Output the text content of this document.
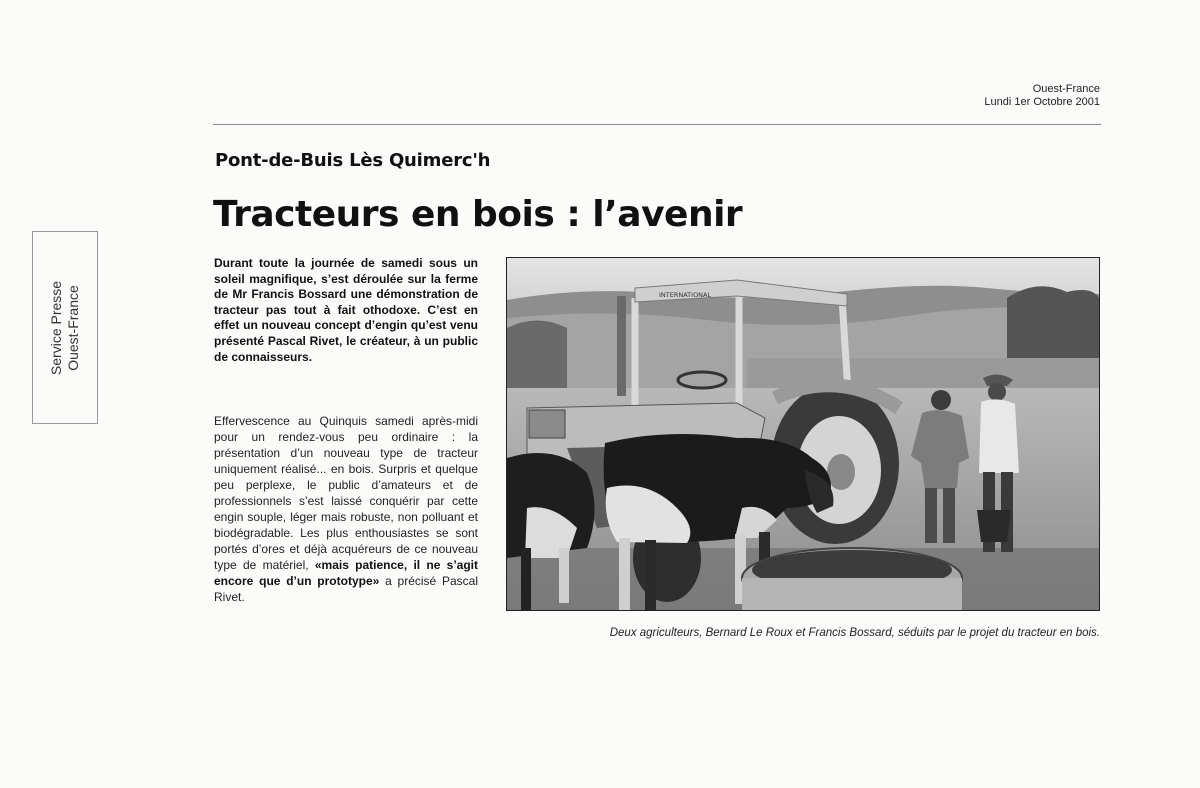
Ouest-France
Lundi 1er Octobre 2001
Service Presse Ouest-France
Pont-de-Buis Lès Quimerc'h
Tracteurs en bois : l’avenir

Durant toute la journée de samedi sous un soleil magnifique, s’est déroulée sur la ferme de Mr Francis Bossard une démonstration de tracteur pas tout à fait othodoxe. C’est en effet un nouveau concept d’engin qu’est venu présenté Pascal Rivet, le créateur, à un public de connaisseurs.

Effervescence au Quinquis samedi après-midi pour un rendez-vous peu ordinaire : la présentation d’un nouveau type de tracteur uniquement réalisé... en bois. Surpris et quelque peu perplexe, le public d’amateurs et de professionnels s’est laissé conquérir par cette engin souple, léger mais robuste, non polluant et biodégradable. Les plus enthousiastes se sont portés d’ores et déjà acquéreurs de ce nouveau type de matériel, «mais patience, il ne s’agit encore que d’un prototype» a précisé Pascal Rivet.

INTERNATIONAL
Deux agriculteurs, Bernard Le Roux et Francis Bossard, séduits par le projet du tracteur en bois.
